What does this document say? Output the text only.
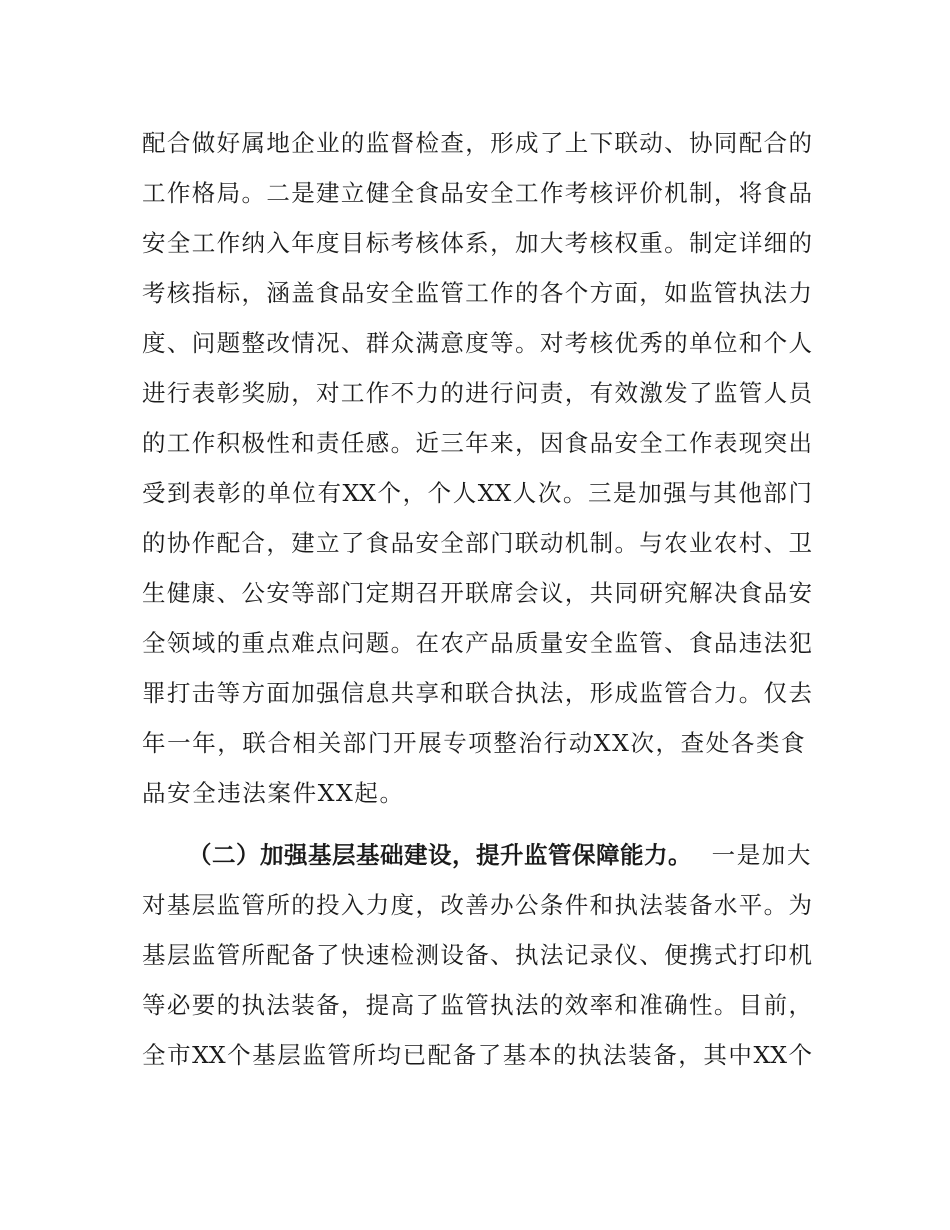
配合做好属地企业的监督检查，形成了上下联动、协同配合的
工作格局。二是建立健全食品安全工作考核评价机制，将食品
安全工作纳入年度目标考核体系，加大考核权重。制定详细的
考核指标，涵盖食品安全监管工作的各个方面，如监管执法力
度、问题整改情况、群众满意度等。对考核优秀的单位和个人
进行表彰奖励，对工作不力的进行问责，有效激发了监管人员
的工作积极性和责任感。近三年来，因食品安全工作表现突出
受到表彰的单位有XX个，个人XX人次。三是加强与其他部门
的协作配合，建立了食品安全部门联动机制。与农业农村、卫
生健康、公安等部门定期召开联席会议，共同研究解决食品安
全领域的重点难点问题。在农产品质量安全监管、食品违法犯
罪打击等方面加强信息共享和联合执法，形成监管合力。仅去
年一年，联合相关部门开展专项整治行动XX次，查处各类食
品安全违法案件XX起。
（二）加强基层基础建设，提升监管保障能力。 一是加大
对基层监管所的投入力度，改善办公条件和执法装备水平。为
基层监管所配备了快速检测设备、执法记录仪、便携式打印机
等必要的执法装备，提高了监管执法的效率和准确性。目前，
全市XX个基层监管所均已配备了基本的执法装备，其中XX个
